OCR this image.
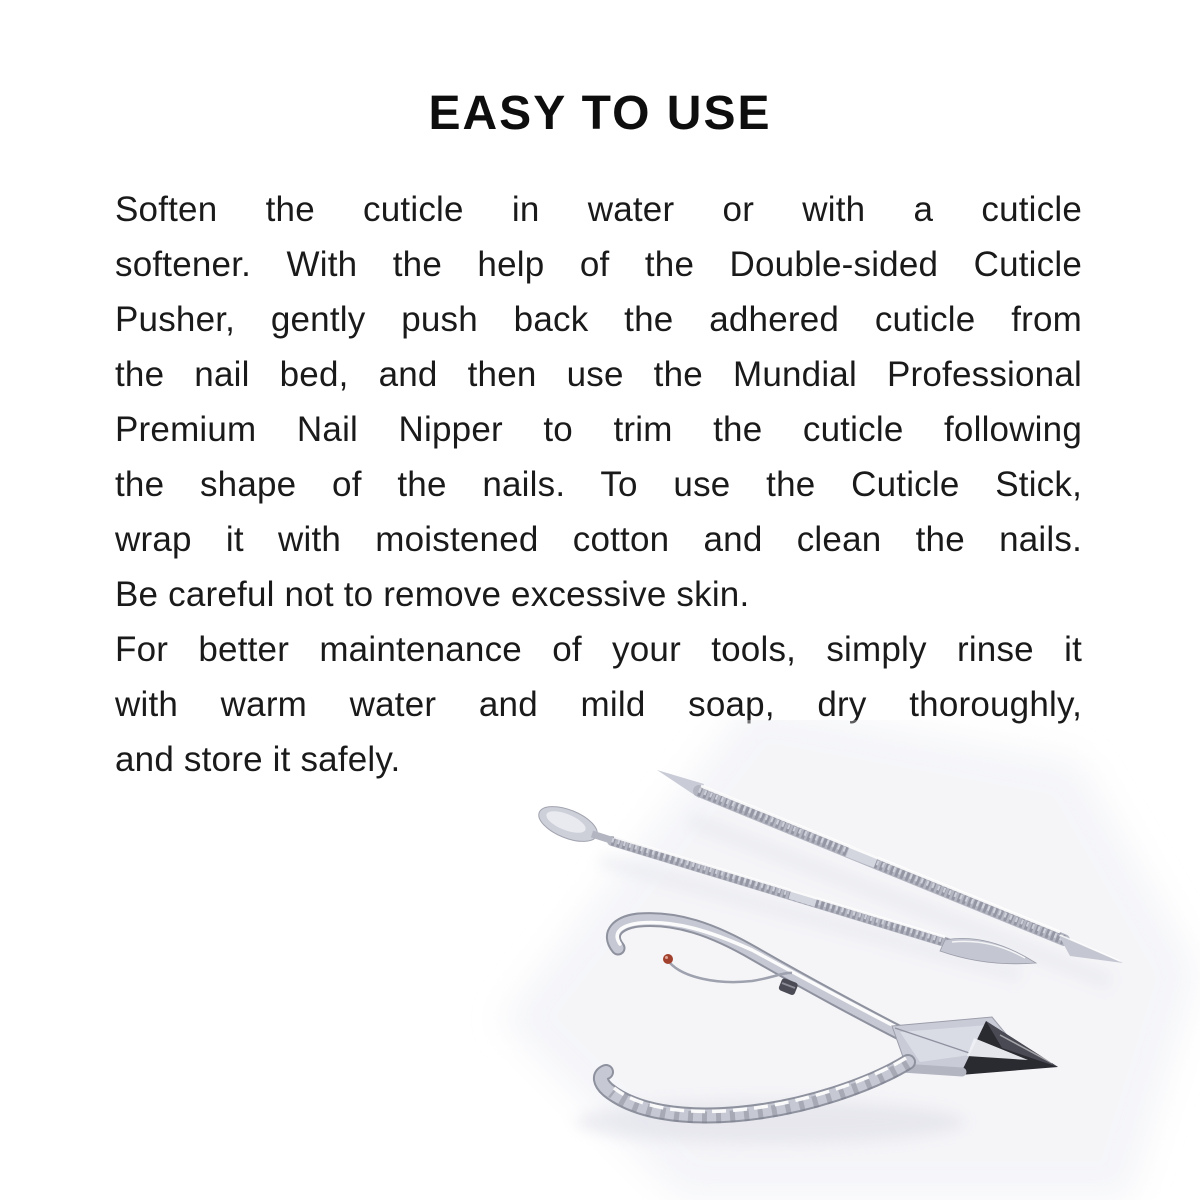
EASY TO USE
Soften the cuticle in water or with a cuticle
softener. With the help of the Double-sided Cuticle
Pusher, gently push back the adhered cuticle from
the nail bed, and then use the Mundial Professional
Premium Nail Nipper to trim the cuticle following
the shape of the nails. To use the Cuticle Stick,
wrap it with moistened cotton and clean the nails.
Be careful not to remove excessive skin.
For better maintenance of your tools, simply rinse it
with warm water and mild soap, dry thoroughly,
and store it safely.
